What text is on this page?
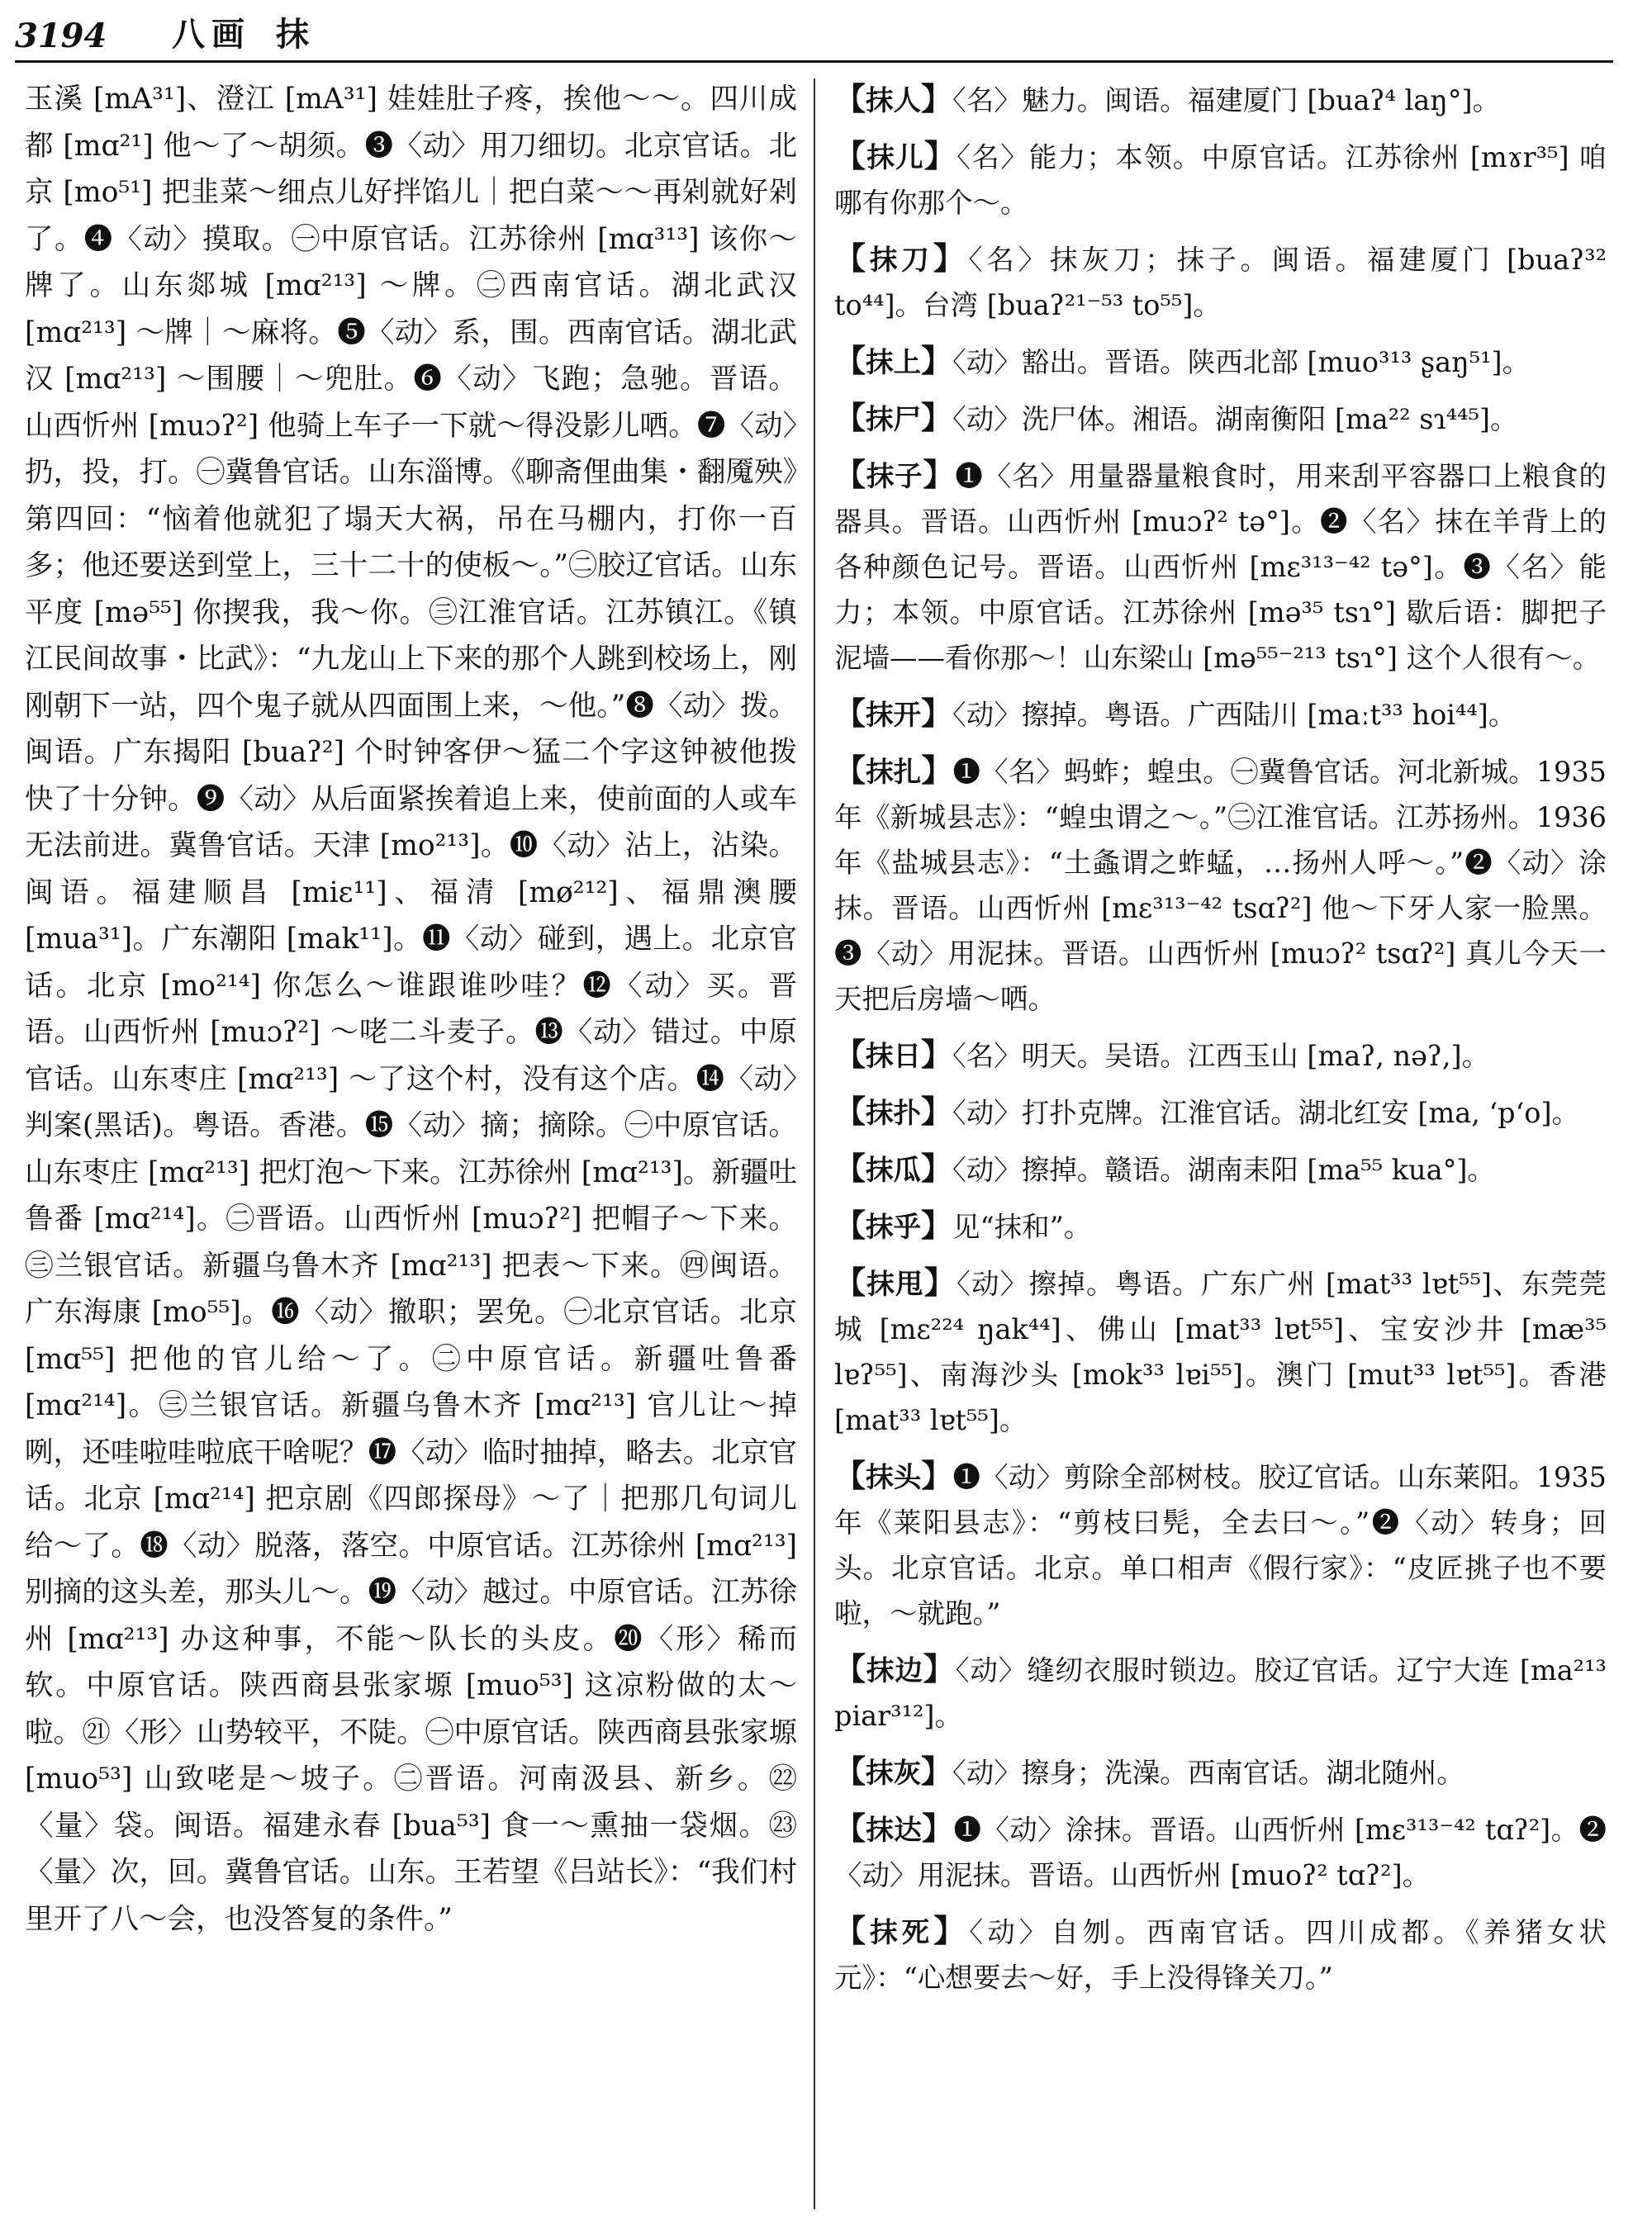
3194	八画 抹

玉溪 [mA³¹]、澄江 [mA³¹] 娃娃肚子疼，挨他～～。四川成都 [mɑ²¹] 他～了～胡须。❸〈动〉用刀细切。北京官话。北京 [mo⁵¹] 把韭菜～细点儿好拌馅儿｜把白菜～～再剁就好剁了。❹〈动〉摸取。㊀中原官话。江苏徐州 [mɑ³¹³] 该你～牌了。山东郯城 [mɑ²¹³] ～牌。㊁西南官话。湖北武汉 [mɑ²¹³] ～牌｜～麻将。❺〈动〉系，围。西南官话。湖北武汉 [mɑ²¹³] ～围腰｜～兜肚。❻〈动〉飞跑；急驰。晋语。山西忻州 [muɔʔ²] 他骑上车子一下就～得没影儿哂。❼〈动〉扔，投，打。㊀冀鲁官话。山东淄博。《聊斋俚曲集・翻魇殃》第四回：“恼着他就犯了塌天大祸，吊在马棚内，打你一百多；他还要送到堂上，三十二十的使板～。”㊁胶辽官话。山东平度 [mə⁵⁵] 你揳我，我～你。㊂江淮官话。江苏镇江。《镇江民间故事・比武》：“九龙山上下来的那个人跳到校场上，刚刚朝下一站，四个鬼子就从四面围上来，～他。”❽〈动〉拨。闽语。广东揭阳 [buaʔ²] 个时钟客伊～猛二个字这钟被他拨快了十分钟。❾〈动〉从后面紧挨着追上来，使前面的人或车无法前进。冀鲁官话。天津 [mo²¹³]。❿〈动〉沾上，沾染。闽语。福建顺昌 [miɛ¹¹]、福清 [mø²¹²]、福鼎澳腰 [mua³¹]。广东潮阳 [mak¹¹]。⓫〈动〉碰到，遇上。北京官话。北京 [mo²¹⁴] 你怎么～谁跟谁吵哇？⓬〈动〉买。晋语。山西忻州 [muɔʔ²] ～咾二斗麦子。⓭〈动〉错过。中原官话。山东枣庄 [mɑ²¹³] ～了这个村，没有这个店。⓮〈动〉判案(黑话)。粤语。香港。⓯〈动〉摘；摘除。㊀中原官话。山东枣庄 [mɑ²¹³] 把灯泡～下来。江苏徐州 [mɑ²¹³]。新疆吐鲁番 [mɑ²¹⁴]。㊁晋语。山西忻州 [muɔʔ²] 把帽子～下来。㊂兰银官话。新疆乌鲁木齐 [mɑ²¹³] 把表～下来。㊃闽语。广东海康 [mo⁵⁵]。⓰〈动〉撤职；罢免。㊀北京官话。北京 [mɑ⁵⁵] 把他的官儿给～了。㊁中原官话。新疆吐鲁番 [mɑ²¹⁴]。㊂兰银官话。新疆乌鲁木齐 [mɑ²¹³] 官儿让～掉咧，还哇啦哇啦底干啥呢？⓱〈动〉临时抽掉，略去。北京官话。北京 [mɑ²¹⁴] 把京剧《四郎探母》～了｜把那几句词儿给～了。⓲〈动〉脱落，落空。中原官话。江苏徐州 [mɑ²¹³] 别摘的这头差，那头儿～。⓳〈动〉越过。中原官话。江苏徐州 [mɑ²¹³] 办这种事，不能～队长的头皮。⓴〈形〉稀而软。中原官话。陕西商县张家塬 [muo⁵³] 这凉粉做的太～啦。㉑〈形〉山势较平，不陡。㊀中原官话。陕西商县张家塬 [muo⁵³] 山致咾是～坡子。㊁晋语。河南汲县、新乡。㉒〈量〉袋。闽语。福建永春 [bua⁵³] 食一～熏抽一袋烟。㉓〈量〉次，回。冀鲁官话。山东。王若望《吕站长》：“我们村里开了八～会，也没答复的条件。”

【抹人】〈名〉魅力。闽语。福建厦门 [buaʔ⁴ laŋ°]。

【抹儿】〈名〉能力；本领。中原官话。江苏徐州 [mɤr³⁵] 咱哪有你那个～。

【抹刀】〈名〉抹灰刀；抹子。闽语。福建厦门 [buaʔ³² to⁴⁴]。台湾 [buaʔ²¹⁻⁵³ to⁵⁵]。

【抹上】〈动〉豁出。晋语。陕西北部 [muo³¹³ ʂaŋ⁵¹]。

【抹尸】〈动〉洗尸体。湘语。湖南衡阳 [ma²² sɿ⁴⁴⁵]。

【抹子】❶〈名〉用量器量粮食时，用来刮平容器口上粮食的器具。晋语。山西忻州 [muɔʔ² tə°]。❷〈名〉抹在羊背上的各种颜色记号。晋语。山西忻州 [mɛ³¹³⁻⁴² tə°]。❸〈名〉能力；本领。中原官话。江苏徐州 [mə³⁵ tsɿ°] 歇后语：脚把子泥墙——看你那～！山东梁山 [mə⁵⁵⁻²¹³ tsɿ°] 这个人很有～。

【抹开】〈动〉擦掉。粤语。广西陆川 [maːt³³ hoi⁴⁴]。

【抹扎】❶〈名〉蚂蚱；蝗虫。㊀冀鲁官话。河北新城。1935年《新城县志》：“蝗虫谓之～。”㊁江淮官话。江苏扬州。1936年《盐城县志》：“土螽谓之蚱蜢，…扬州人呼～。”❷〈动〉涂抹。晋语。山西忻州 [mɛ³¹³⁻⁴² tsɑʔ²] 他～下牙人家一脸黑。❸〈动〉用泥抹。晋语。山西忻州 [muɔʔ² tsɑʔ²] 真儿今天一天把后房墙～哂。

【抹日】〈名〉明天。吴语。江西玉山 [maʔ, nəʔ,]。

【抹扑】〈动〉打扑克牌。江淮官话。湖北红安 [ma, ʻpʻo]。

【抹瓜】〈动〉擦掉。赣语。湖南耒阳 [ma⁵⁵ kua°]。

【抹乎】见“抹和”。

【抹甩】〈动〉擦掉。粤语。广东广州 [mat³³ lɐt⁵⁵]、东莞莞城 [mɛ²²⁴ ŋak⁴⁴]、佛山 [mat³³ lɐt⁵⁵]、宝安沙井 [mæ³⁵ lɐʔ⁵⁵]、南海沙头 [mok³³ lɐi⁵⁵]。澳门 [mut³³ lɐt⁵⁵]。香港 [mat³³ lɐt⁵⁵]。

【抹头】❶〈动〉剪除全部树枝。胶辽官话。山东莱阳。1935年《莱阳县志》：“剪枝曰髡，全去曰～。”❷〈动〉转身；回头。北京官话。北京。单口相声《假行家》：“皮匠挑子也不要啦，～就跑。”

【抹边】〈动〉缝纫衣服时锁边。胶辽官话。辽宁大连 [ma²¹³ piar³¹²]。

【抹灰】〈动〉擦身；洗澡。西南官话。湖北随州。

【抹达】❶〈动〉涂抹。晋语。山西忻州 [mɛ³¹³⁻⁴² tɑʔ²]。❷〈动〉用泥抹。晋语。山西忻州 [muoʔ² tɑʔ²]。

【抹死】〈动〉自刎。西南官话。四川成都。《养猪女状元》：“心想要去～好，手上没得锋关刀。”
